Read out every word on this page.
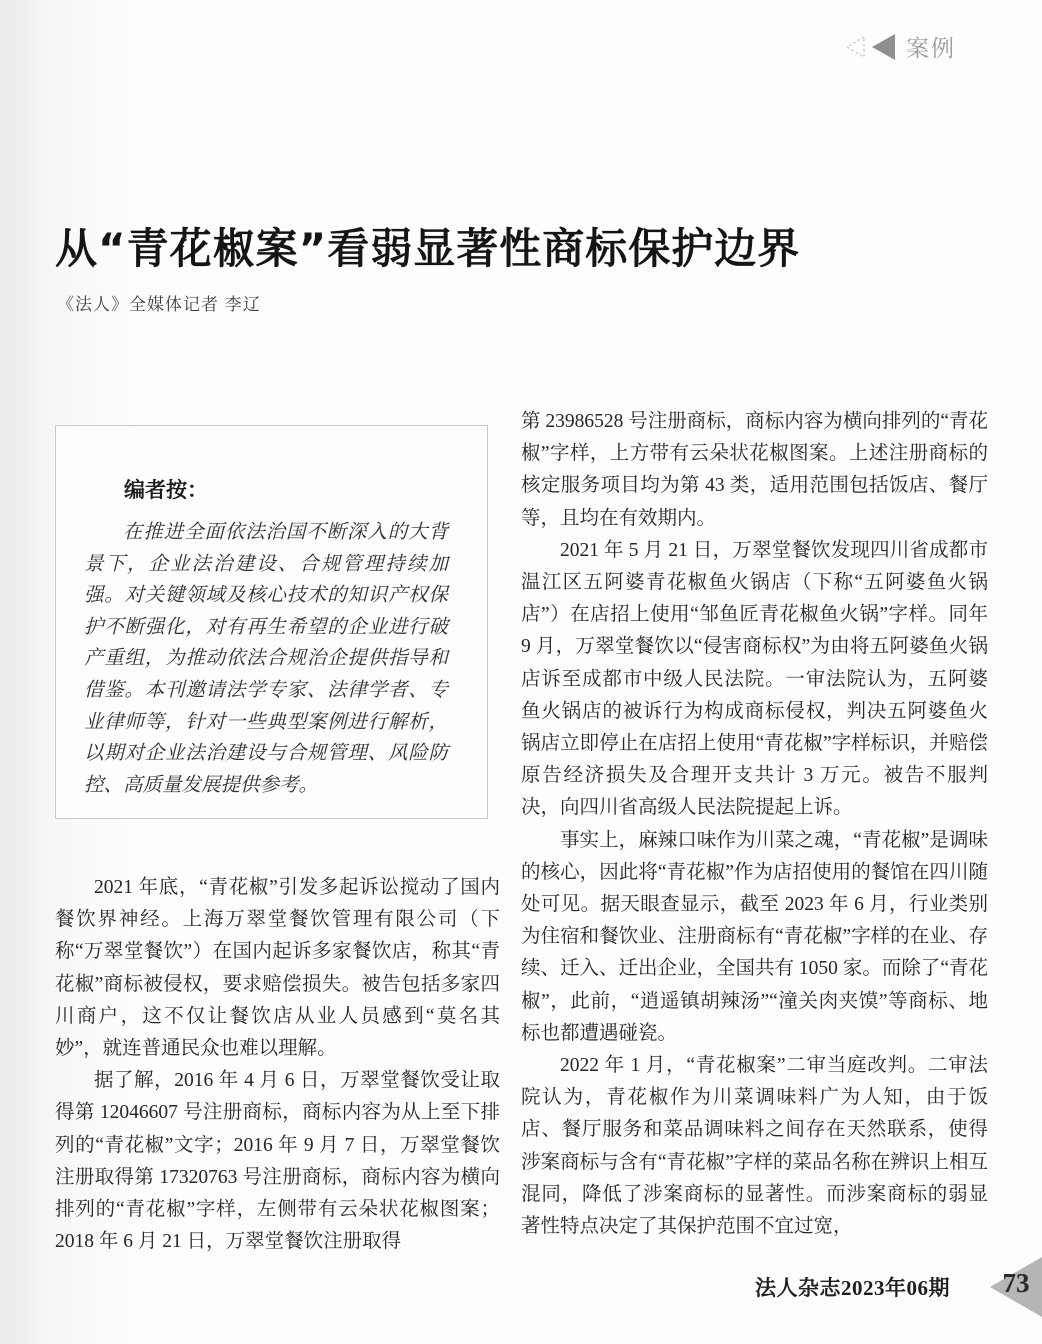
案例
从“青花椒案”看弱显著性商标保护边界
《法人》全媒体记者 李辽
编者按：

在推进全面依法治国不断深入的大背景下，企业法治建设、合规管理持续加强。对关键领域及核心技术的知识产权保护不断强化，对有再生希望的企业进行破产重组，为推动依法合规治企提供指导和借鉴。本刊邀请法学专家、法律学者、专业律师等，针对一些典型案例进行解析，以期对企业法治建设与合规管理、风险防控、高质量发展提供参考。

2021 年底，“青花椒”引发多起诉讼搅动了国内餐饮界神经。上海万翠堂餐饮管理有限公司（下称“万翠堂餐饮”）在国内起诉多家餐饮店，称其“青花椒”商标被侵权，要求赔偿损失。被告包括多家四川商户，这不仅让餐饮店从业人员感到“莫名其妙”，就连普通民众也难以理解。

据了解，2016 年 4 月 6 日，万翠堂餐饮受让取得第 12046607 号注册商标，商标内容为从上至下排列的“青花椒”文字；2016 年 9 月 7 日，万翠堂餐饮注册取得第 17320763 号注册商标，商标内容为横向排列的“青花椒”字样，左侧带有云朵状花椒图案；2018 年 6 月 21 日，万翠堂餐饮注册取得

第 23986528 号注册商标，商标内容为横向排列的“青花椒”字样，上方带有云朵状花椒图案。上述注册商标的核定服务项目均为第 43 类，适用范围包括饭店、餐厅等，且均在有效期内。

2021 年 5 月 21 日，万翠堂餐饮发现四川省成都市温江区五阿婆青花椒鱼火锅店（下称“五阿婆鱼火锅店”）在店招上使用“邹鱼匠青花椒鱼火锅”字样。同年 9 月，万翠堂餐饮以“侵害商标权”为由将五阿婆鱼火锅店诉至成都市中级人民法院。一审法院认为，五阿婆鱼火锅店的被诉行为构成商标侵权，判决五阿婆鱼火锅店立即停止在店招上使用“青花椒”字样标识，并赔偿原告经济损失及合理开支共计 3 万元。被告不服判决，向四川省高级人民法院提起上诉。

事实上，麻辣口味作为川菜之魂，“青花椒”是调味的核心，因此将“青花椒”作为店招使用的餐馆在四川随处可见。据天眼查显示，截至 2023 年 6 月，行业类别为住宿和餐饮业、注册商标有“青花椒”字样的在业、存续、迁入、迁出企业，全国共有 1050 家。而除了“青花椒”，此前，“逍遥镇胡辣汤”“潼关肉夹馍”等商标、地标也都遭遇碰瓷。

2022 年 1 月，“青花椒案”二审当庭改判。二审法院认为，青花椒作为川菜调味料广为人知，由于饭店、餐厅服务和菜品调味料之间存在天然联系，使得涉案商标与含有“青花椒”字样的菜品名称在辨识上相互混同，降低了涉案商标的显著性。而涉案商标的弱显著性特点决定了其保护范围不宜过宽，

法人杂志2023年06期 73
